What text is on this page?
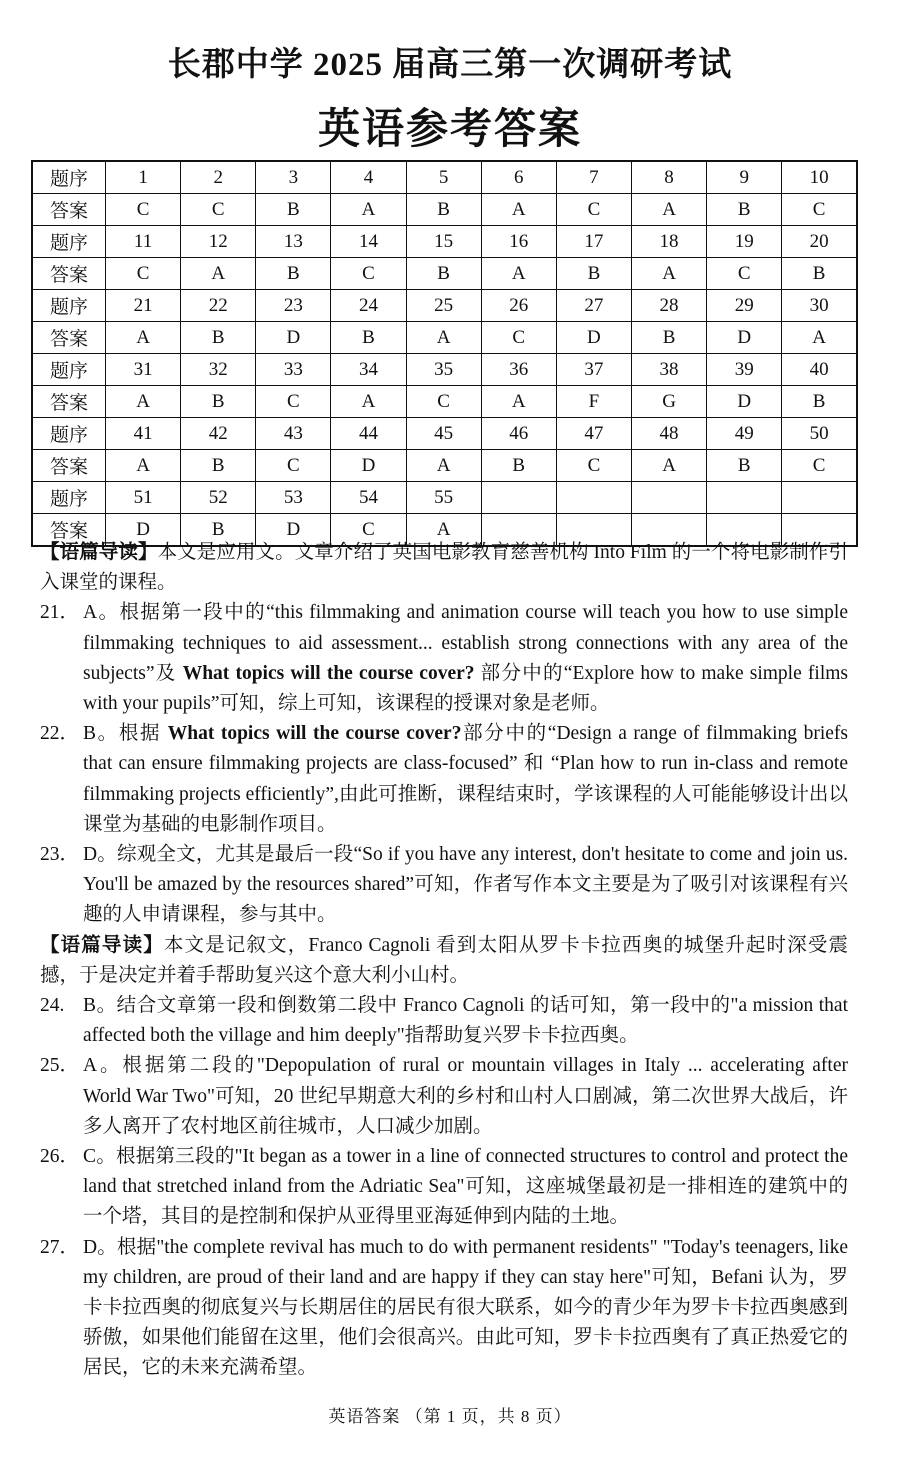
长郡中学 2025 届高三第一次调研考试
英语参考答案
题序	1	2	3	4	5	6	7	8	9	10
答案	C	C	B	A	B	A	C	A	B	C
题序	11	12	13	14	15	16	17	18	19	20
答案	C	A	B	C	B	A	B	A	C	B
题序	21	22	23	24	25	26	27	28	29	30
答案	A	B	D	B	A	C	D	B	D	A
题序	31	32	33	34	35	36	37	38	39	40
答案	A	B	C	A	C	A	F	G	D	B
题序	41	42	43	44	45	46	47	48	49	50
答案	A	B	C	D	A	B	C	A	B	C
题序	51	52	53	54	55					
答案	D	B	D	C	A					

【语篇导读】本文是应用文。文章介绍了英国电影教育慈善机构 Into Film 的一个将电影制作引入课堂的课程。

21． A。根据第一段中的“this filmmaking and animation course will teach you how to use simple filmmaking techniques to aid assessment... establish strong connections with any area of the subjects”及 What topics will the course cover? 部分中的“Explore how to make simple films with your pupils”可知，综上可知，该课程的授课对象是老师。

22． B。根据 What topics will the course cover?部分中的“Design a range of filmmaking briefs that can ensure filmmaking projects are class-focused” 和 “Plan how to run in-class and remote filmmaking projects efficiently”,由此可推断，课程结束时，学该课程的人可能能够设计出以课堂为基础的电影制作项目。

23． D。综观全文，尤其是最后一段“So if you have any interest, don't hesitate to come and join us. You'll be amazed by the resources shared”可知，作者写作本文主要是为了吸引对该课程有兴趣的人申请课程，参与其中。

【语篇导读】本文是记叙文，Franco Cagnoli 看到太阳从罗卡卡拉西奥的城堡升起时深受震撼，于是决定并着手帮助复兴这个意大利小山村。

24. B。结合文章第一段和倒数第二段中 Franco Cagnoli 的话可知，第一段中的"a mission that affected both the village and him deeply"指帮助复兴罗卡卡拉西奥。

25． A。根据第二段的"Depopulation of rural or mountain villages in Italy ... accelerating after World War Two"可知，20 世纪早期意大利的乡村和山村人口剧减，第二次世界大战后，许多人离开了农村地区前往城市，人口减少加剧。

26． C。根据第三段的"It began as a tower in a line of connected structures to control and protect the land that stretched inland from the Adriatic Sea"可知，这座城堡最初是一排相连的建筑中的一个塔，其目的是控制和保护从亚得里亚海延伸到内陆的土地。

27． D。根据"the complete revival has much to do with permanent residents" "Today's teenagers, like my children, are proud of their land and are happy if they can stay here"可知，Befani 认为，罗卡卡拉西奥的彻底复兴与长期居住的居民有很大联系，如今的青少年为罗卡卡拉西奥感到骄傲，如果他们能留在这里，他们会很高兴。由此可知，罗卡卡拉西奥有了真正热爱它的居民，它的未来充满希望。

英语答案 （第 1 页，共 8 页）
